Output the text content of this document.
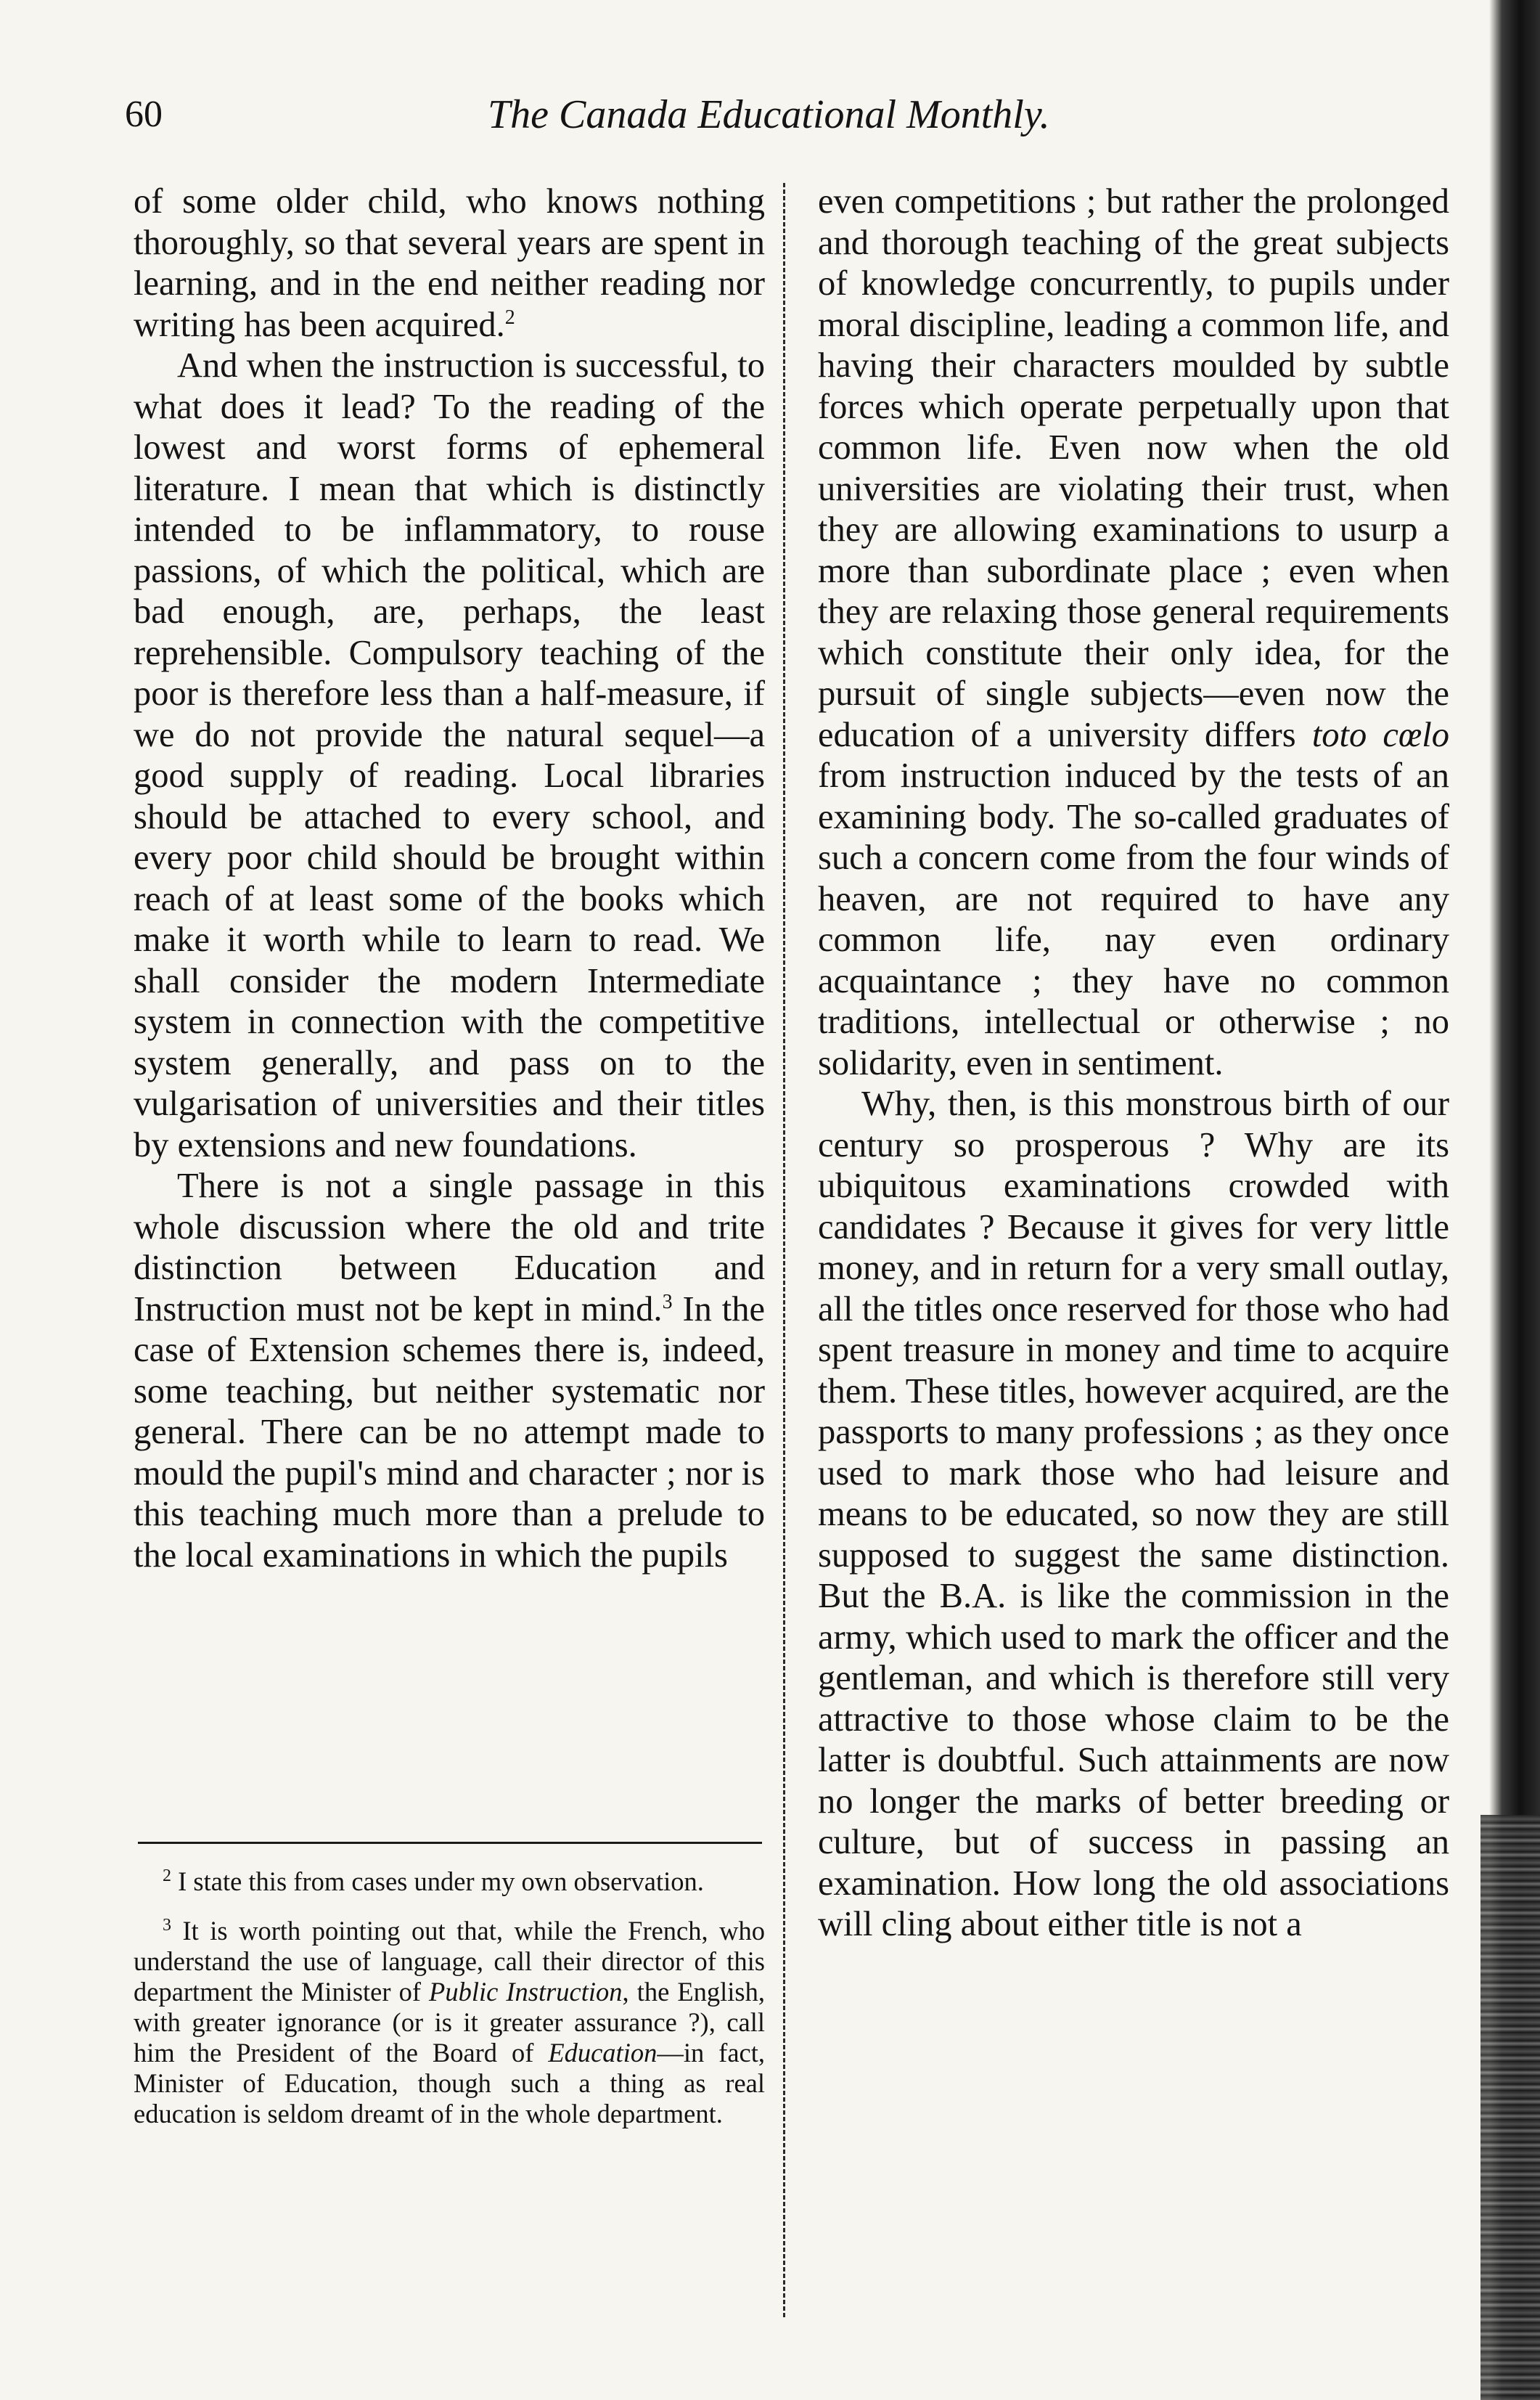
60	The Canada Educational Monthly.

of some older child, who knows nothing thoroughly, so that several years are spent in learning, and in the end neither reading nor writing has been acquired.$^2$

And when the instruction is successful, to what does it lead? To the reading of the lowest and worst forms of ephemeral literature. I mean that which is distinctly intended to be inflammatory, to rouse passions, of which the political, which are bad enough, are, perhaps, the least reprehensible. Compulsory teaching of the poor is therefore less than a half-measure, if we do not provide the natural sequel—a good supply of reading. Local libraries should be attached to every school, and every poor child should be brought within reach of at least some of the books which make it worth while to learn to read. We shall consider the modern Intermediate system in connection with the competitive system generally, and pass on to the vulgarisation of universities and their titles by extensions and new foundations.

There is not a single passage in this whole discussion where the old and trite distinction between Education and Instruction must not be kept in mind.$^3$ In the case of Extension schemes there is, indeed, some teaching, but neither systematic nor general. There can be no attempt made to mould the pupil's mind and character ; nor is this teaching much more than a prelude to the local examinations in which the pupils

$^2$ I state this from cases under my own observation.

$^3$ It is worth pointing out that, while the French, who understand the use of language, call their director of this department the Minister of Public Instruction, the English, with greater ignorance (or is it greater assurance ?), call him the President of the Board of Education—in fact, Minister of Education, though such a thing as real education is seldom dreamt of in the whole department.

even competitions ; but rather the prolonged and thorough teaching of the great subjects of knowledge concurrently, to pupils under moral discipline, leading a common life, and having their characters moulded by subtle forces which operate perpetually upon that common life. Even now when the old universities are violating their trust, when they are allowing examinations to usurp a more than subordinate place ; even when they are relaxing those general requirements which constitute their only idea, for the pursuit of single subjects—even now the education of a university differs toto cœlo from instruction induced by the tests of an examining body. The so-called graduates of such a concern come from the four winds of heaven, are not required to have any common life, nay even ordinary acquaintance ; they have no common traditions, intellectual or otherwise ; no solidarity, even in sentiment.

Why, then, is this monstrous birth of our century so prosperous ? Why are its ubiquitous examinations crowded with candidates ? Because it gives for very little money, and in return for a very small outlay, all the titles once reserved for those who had spent treasure in money and time to acquire them. These titles, however acquired, are the passports to many professions ; as they once used to mark those who had leisure and means to be educated, so now they are still supposed to suggest the same distinction. But the B.A. is like the commission in the army, which used to mark the officer and the gentleman, and which is therefore still very attractive to those whose claim to be the latter is doubtful. Such attainments are now no longer the marks of better breeding or culture, but of success in passing an examination. How long the old associations will cling about either title is not a
